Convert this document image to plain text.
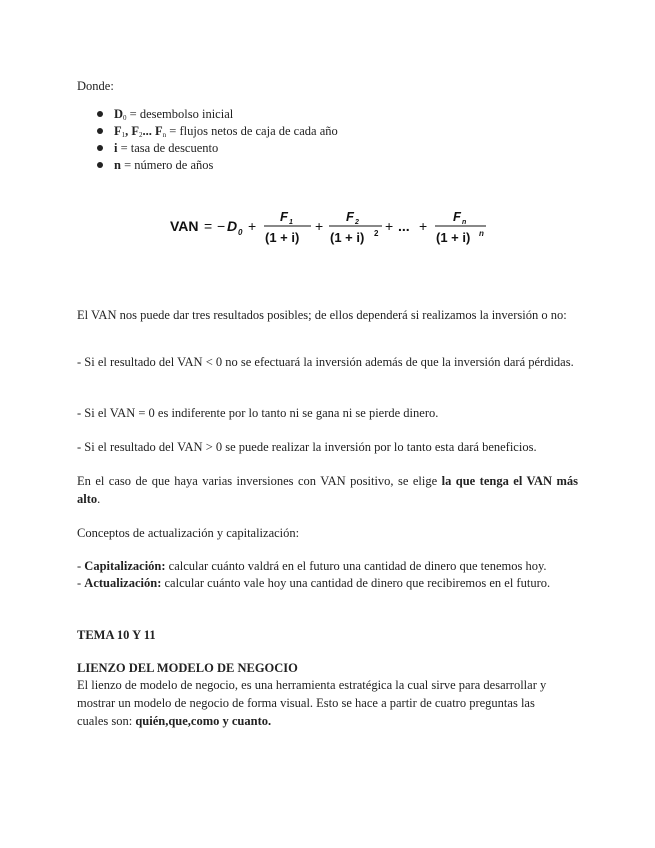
Donde:

$D_0$ = desembolso inicial
$F_1$, $F_2$... $F_n$ = flujos netos de caja de cada año
i = tasa de descuento
n = número de años
VAN = − D 0 +
F 1
(1 + i)
+
F 2
(1 + i) 2 + ... +
F n
(1 + i) n

El VAN nos puede dar tres resultados posibles; de ellos dependerá si realizamos la inversión o no:

- Si el resultado del VAN < 0 no se efectuará la inversión además de que la inversión dará pérdidas.

- Si el VAN = 0 es indiferente por lo tanto ni se gana ni se pierde dinero.

- Si el resultado del VAN > 0 se puede realizar la inversión por lo tanto esta dará beneficios.

En el caso de que haya varias inversiones con VAN positivo, se elige la que tenga el VAN más alto.

Conceptos de actualización y capitalización:

- Capitalización: calcular cuánto valdrá en el futuro una cantidad de dinero que tenemos hoy.

- Actualización: calcular cuánto vale hoy una cantidad de dinero que recibiremos en el futuro.

TEMA 10 Y 11

LIENZO DEL MODELO DE NEGOCIO

El lienzo de modelo de negocio, es una herramienta estratégica la cual sirve para desarrollar y mostrar un modelo de negocio de forma visual. Esto se hace a partir de cuatro preguntas las cuales son: quién,que,como y cuanto.
